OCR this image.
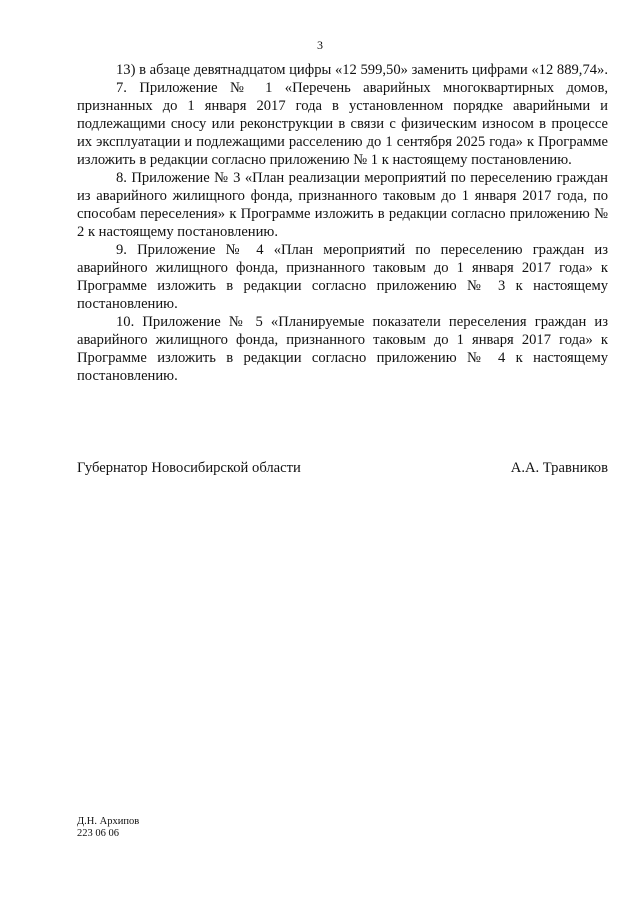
3

13) в абзаце девятнадцатом цифры «12 599,50» заменить цифрами «12 889,74».

7. Приложение № 1 «Перечень аварийных многоквартирных домов, признанных до 1 января 2017 года в установленном порядке аварийными и подлежащими сносу или реконструкции в связи с физическим износом в процессе их эксплуатации и подлежащими расселению до 1 сентября 2025 года» к Программе изложить в редакции согласно приложению № 1 к настоящему постановлению.

8. Приложение № 3 «План реализации мероприятий по переселению граждан из аварийного жилищного фонда, признанного таковым до 1 января 2017 года, по способам переселения» к Программе изложить в редакции согласно приложению № 2 к настоящему постановлению.

9. Приложение № 4 «План мероприятий по переселению граждан из аварийного жилищного фонда, признанного таковым до 1 января 2017 года» к Программе изложить в редакции согласно приложению № 3 к настоящему постановлению.

10. Приложение № 5 «Планируемые показатели переселения граждан из аварийного жилищного фонда, признанного таковым до 1 января 2017 года» к Программе изложить в редакции согласно приложению № 4 к настоящему постановлению.

Губернатор Новосибирской области	А.А. Травников
Д.Н. Архипов
223 06 06
